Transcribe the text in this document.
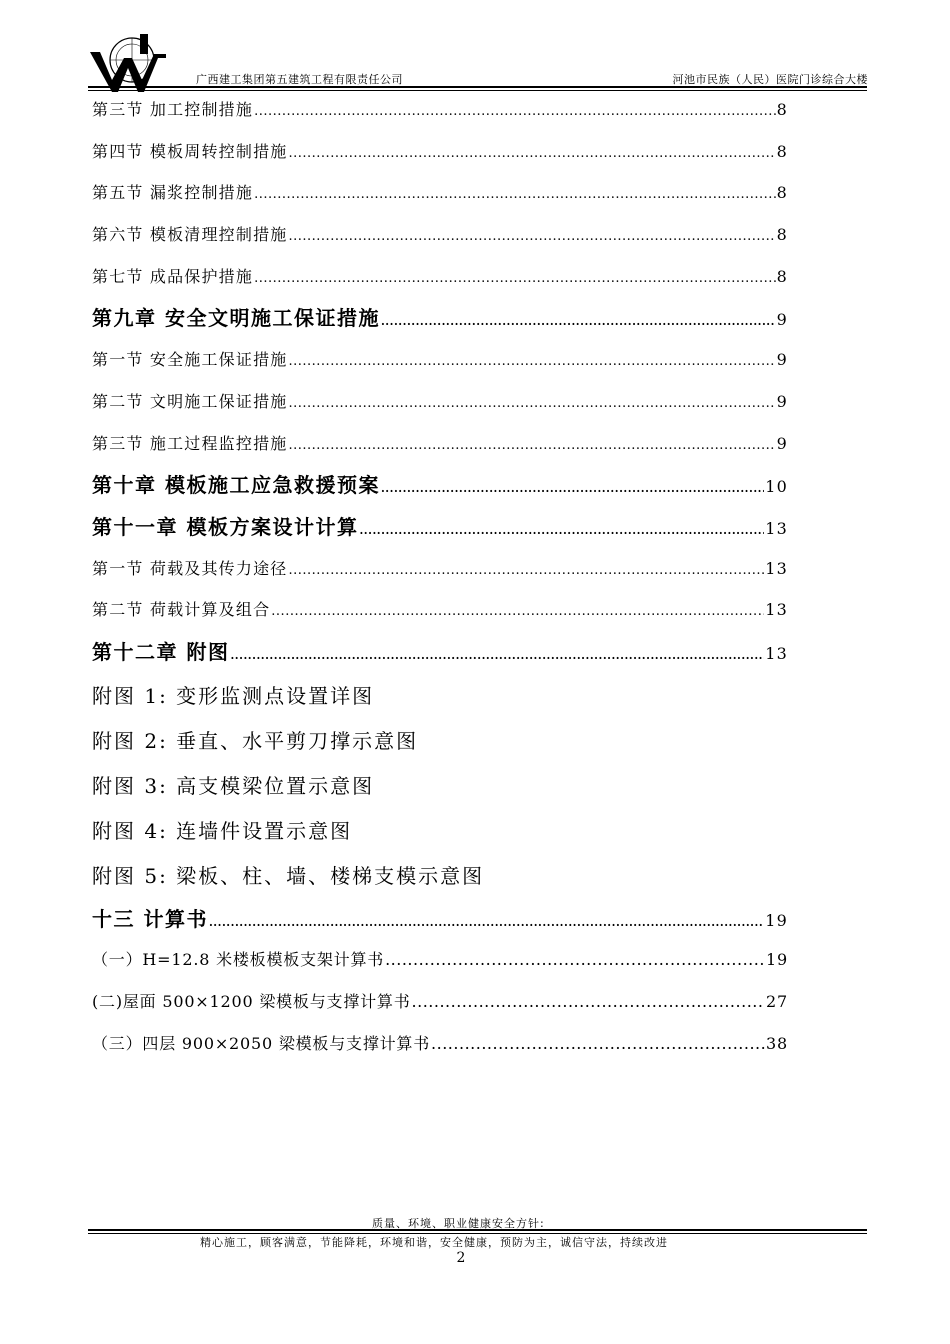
广西建工集团第五建筑工程有限责任公司	河池市民族（人民）医院门诊综合大楼
第三节 加工控制措施 .....	8
第四节 模板周转控制措施 .....	8
第五节 漏浆控制措施 .....	8
第六节 模板清理控制措施 .....	8
第七节 成品保护措施 .....	8
第九章 安全文明施工保证措施 .....	9
第一节 安全施工保证措施 .....	9
第二节 文明施工保证措施 .....	9
第三节 施工过程监控措施 .....	9
第十章 模板施工应急救援预案 .....	10
第十一章 模板方案设计计算 .....	13
第一节 荷载及其传力途径 .....	13
第二节 荷载计算及组合 .....	13
第十二章 附图 .....	13
附图 1: 变形监测点设置详图
附图 2: 垂直、水平剪刀撑示意图
附图 3: 高支模梁位置示意图
附图 4: 连墙件设置示意图
附图 5: 梁板、柱、墙、楼梯支模示意图
十三 计算书 .....	19
（一）H=12.8 米楼板模板支架计算书 .....	19
(二)屋面 500×1200 梁模板与支撑计算书 .....	27
（三）四层 900×2050 梁模板与支撑计算书 .....	38
质量、环境、职业健康安全方针:
精心施工，顾客满意，节能降耗，环境和谐，安全健康，预防为主，诚信守法，持续改进
2
